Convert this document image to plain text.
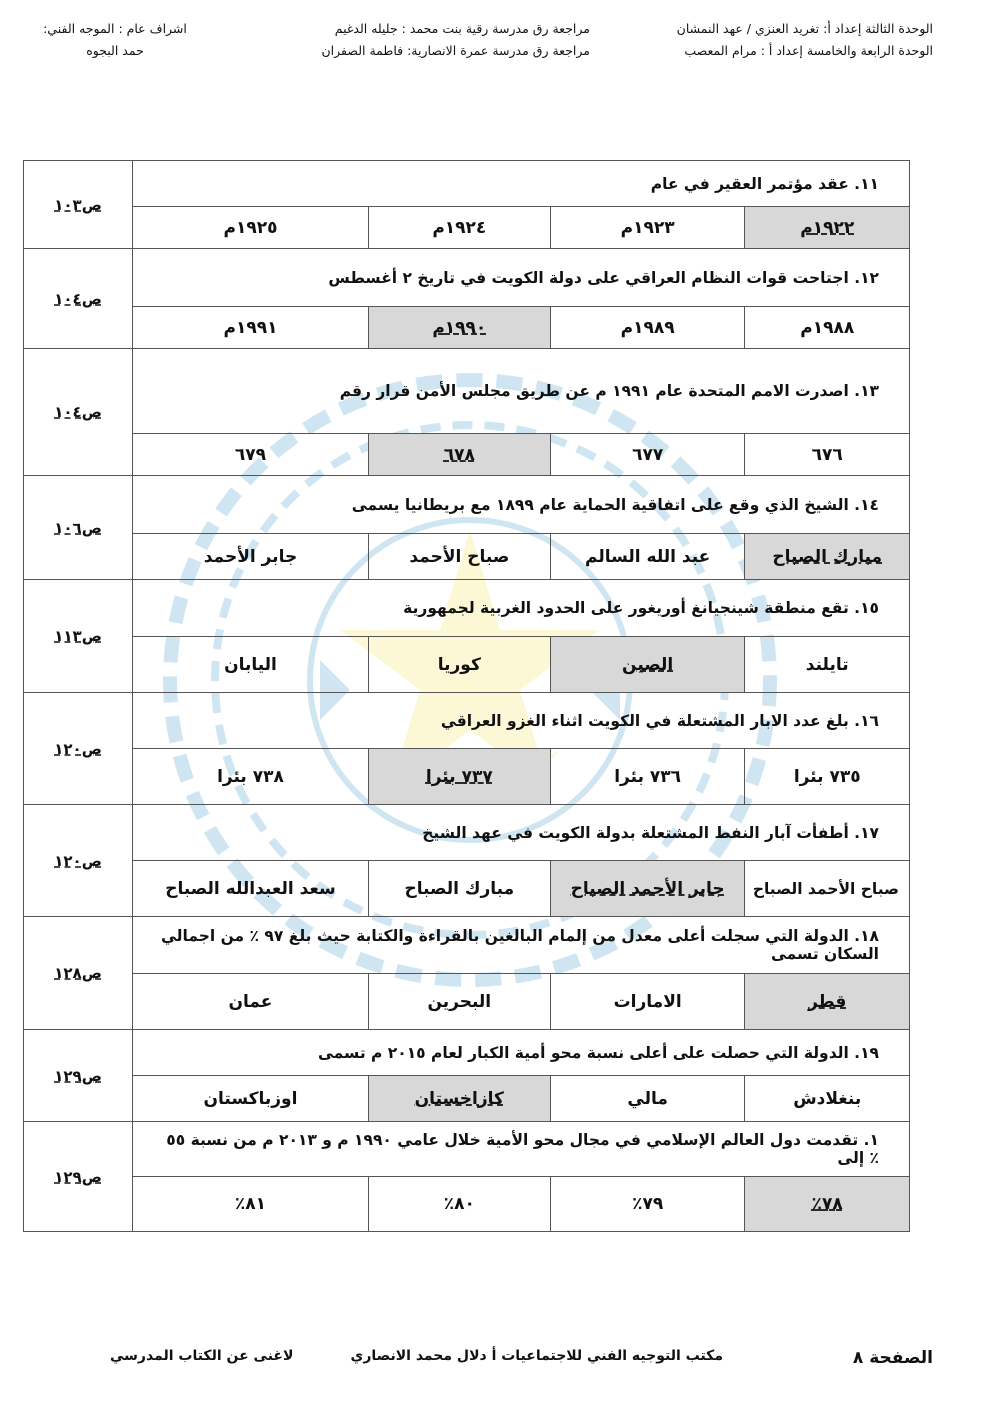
الوحدة الثالثة إعداد أ: تغريد العنزي / عهد النمشان
الوحدة الرابعة والخامسة إعداد أ : مرام المعصب
مراجعة رق مدرسة رقية بنت محمد : جليله الدغيم
مراجعة رق مدرسة عمرة الانصارية: فاطمة الصفران
اشراف عام : الموجه الفني:
حمد البجوه
١١. عقد مؤتمر العقير في عام				ص١٠٣
١٩٢٢م	١٩٢٣م	١٩٢٤م	١٩٢٥م	
١٢. اجتاحت قوات النظام العراقي على دولة الكويت في تاريخ ٢ أغسطس				ص١٠٤
١٩٨٨م	١٩٨٩م	١٩٩٠م	١٩٩١م	
١٣. اصدرت الامم المتحدة عام ١٩٩١ م عن طريق مجلس الأمن قرار رقم				ص١٠٤
٦٧٦	٦٧٧	٦٧٨	٦٧٩	
١٤. الشيخ الذي وقع على اتفاقية الحماية عام ١٨٩٩ مع بريطانيا يسمى				ص١٠٦
مبارك الصباح	عبد الله السالم	صباح الأحمد	جابر الأحمد	
١٥. تقع منطقة شينجيانغ أوريغور على الحدود الغربية لجمهورية				ص١١٣
تايلند	الصين	كوريا	اليابان	
١٦. بلغ عدد الابار المشتعلة في الكويت اثناء الغزو العراقي				ص١٢٠
٧٣٥ بئرا	٧٣٦ بئرا	٧٣٧ بئرا	٧٣٨ بئرا	
١٧. أطفأت آبار النفط المشتعلة بدولة الكويت في عهد الشيخ				ص١٢٠
صباح الأحمد الصباح	جابر الأحمد الصباح	مبارك الصباح	سعد العبدالله الصباح	
١٨. الدولة التي سجلت أعلى معدل من إلمام البالغين بالقراءة والكتابة حيث بلغ ٩٧ ٪ من اجمالي السكان تسمى				ص١٢٨
قطر	الامارات	البحرين	عمان	
١٩. الدولة التي حصلت على أعلى نسبة محو أمية الكبار لعام ٢٠١٥ م تسمى				ص١٢٩
بنغلادش	مالي	كازاخستان	اوزباكستان	
١. تقدمت دول العالم الإسلامي في مجال محو الأمية خلال عامي ١٩٩٠ م و ٢٠١٣ م من نسبة ٥٥ ٪ إلى				ص١٢٩
٧٨٪	٧٩٪	٨٠٪	٨١٪	
الصفحة ٨
مكتب التوجيه الفني للاجتماعيات أ دلال محمد الانصاري
لاغنى عن الكتاب المدرسي
